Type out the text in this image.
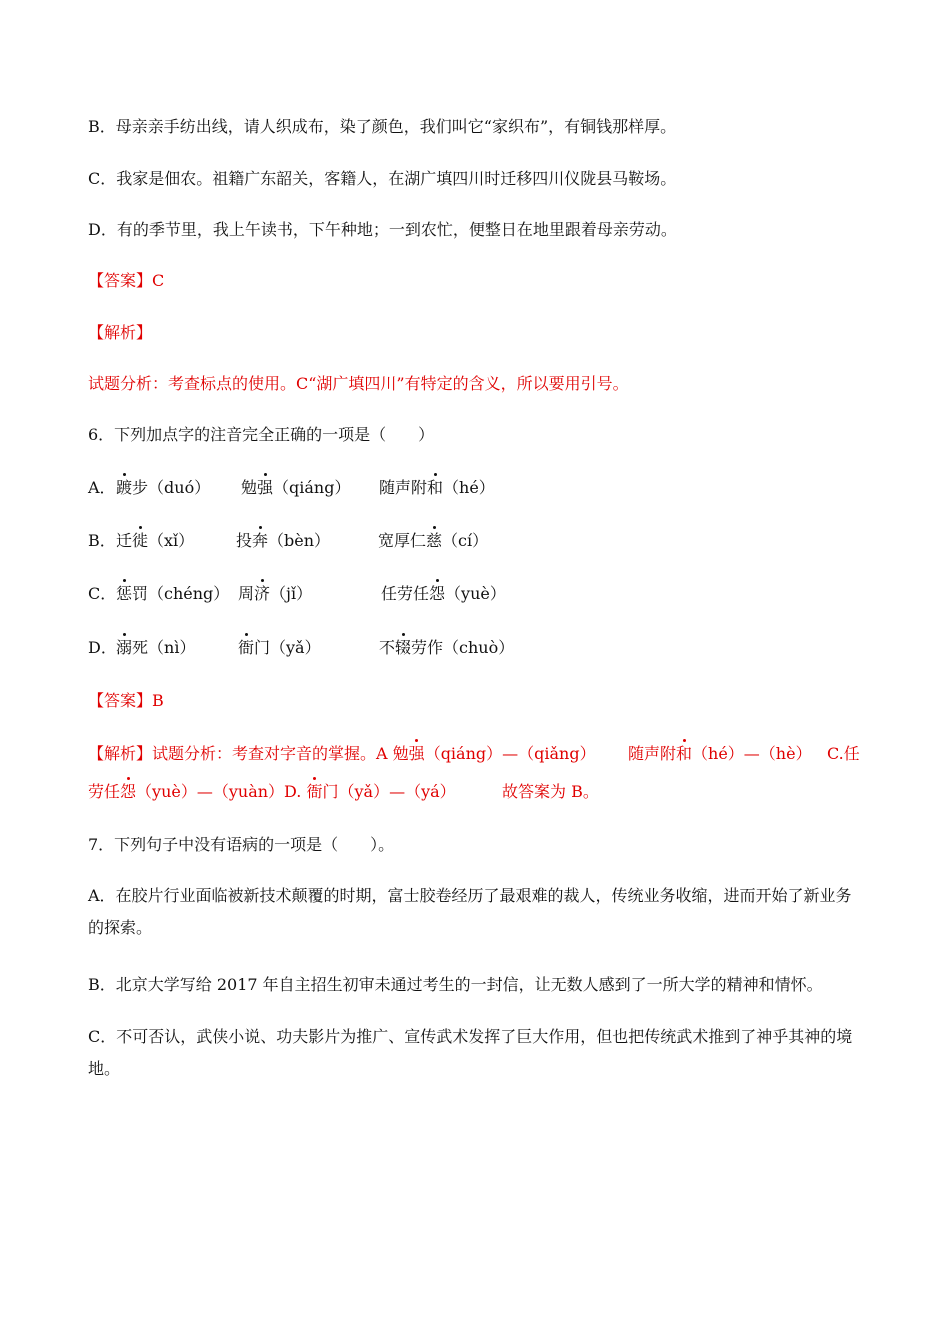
B．母亲亲手纺出线，请人织成布，染了颜色，我们叫它“家织布”，有铜钱那样厚。
C．我家是佃农。祖籍广东韶关，客籍人，在湖广填四川时迁移四川仪陇县马鞍场。
D．有的季节里，我上午读书，下午种地；一到农忙，便整日在地里跟着母亲劳动。
【答案】C
【解析】
试题分析：考查标点的使用。C“湖广填四川”有特定的含义，所以要用引号。
6．下列加点字的注音完全正确的一项是（　　）
A． 踱步（duó） 勉强（qiáng） 随声附和（hé）
B． 迁徙（xǐ）	投奔（bèn）	宽厚仁慈（cí）
C． 惩罚（chéng） 周济（jǐ）	任劳任怨（yuè）
D． 溺死（nì）	衙门（yǎ）	不辍劳作（chuò）
【答案】B
【解析】试题分析：考查对字音的掌握。A 勉强（qiáng）—（qiǎng） 随声附和（hé）—（hè） C.任
劳任怨（yuè）—（yuàn）D. 衙门（yǎ）—（yá）	故答案为 B。
7．下列句子中没有语病的一项是（　　）。
A．在胶片行业面临被新技术颠覆的时期，富士胶卷经历了最艰难的裁人，传统业务收缩，进而开始了新业务的探索。
B．北京大学写给 2017 年自主招生初审未通过考生的一封信，让无数人感到了一所大学的精神和情怀。
C．不可否认，武侠小说、功夫影片为推广、宣传武术发挥了巨大作用，但也把传统武术推到了神乎其神的境地。
